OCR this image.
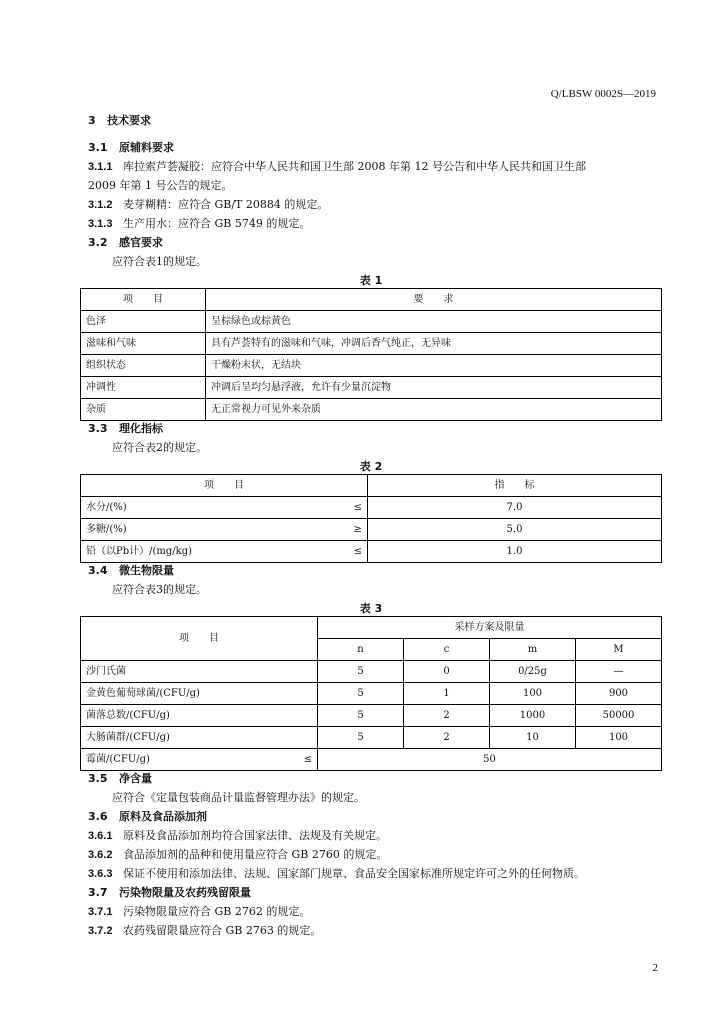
Q/LBSW 0002S—2019
3 技术要求
3.1 原辅料要求
3.1.1 库拉索芦荟凝胶：应符合中华人民共和国卫生部 2008 年第 12 号公告和中华人民共和国卫生部
2009 年第 1 号公告的规定。
3.1.2 麦芽糊精：应符合 GB/T 20884 的规定。
3.1.3 生产用水：应符合 GB 5749 的规定。
3.2 感官要求
应符合表1的规定。
表 1
项　　目	要　　求
色泽	呈棕绿色或棕黄色
滋味和气味	具有芦荟特有的滋味和气味，冲调后香气纯正，无异味
组织状态	干燥粉末状，无结块
冲调性	冲调后呈均匀悬浮液，允许有少量沉淀物
杂质	无正常视力可见外来杂质
3.3 理化指标
应符合表2的规定。
表 2
项　　目	指　　标
水分/(%) ≤	7.0
多糖/(%) ≥	5.0
铅（以Pb计）/(mg/kg) ≤	1.0
3.4 微生物限量
应符合表3的规定。
表 3
项　　目	采样方案及限量			
	n	c	m	M
沙门氏菌	5	0	0/25g	—
金黄色葡萄球菌/(CFU/g)	5	1	100	900
菌落总数/(CFU/g)	5	2	1000	50000
大肠菌群/(CFU/g)	5	2	10	100
霉菌/(CFU/g) ≤	50			
3.5 净含量
应符合《定量包装商品计量监督管理办法》的规定。
3.6 原料及食品添加剂
3.6.1 原料及食品添加剂均符合国家法律、法规及有关规定。
3.6.2 食品添加剂的品种和使用量应符合 GB 2760 的规定。
3.6.3 保证不使用和添加法律、法规、国家部门规章、食品安全国家标准所规定许可之外的任何物质。
3.7 污染物限量及农药残留限量
3.7.1 污染物限量应符合 GB 2762 的规定。
3.7.2 农药残留限量应符合 GB 2763 的规定。
2
